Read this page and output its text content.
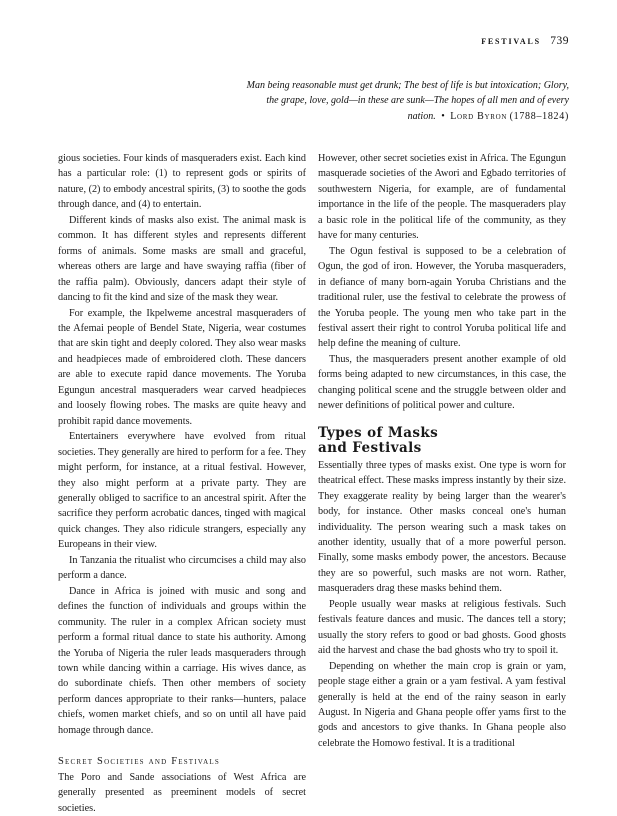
festivals 739
Man being reasonable must get drunk; The best of life is but intoxication; Glory, the grape, love, gold—in these are sunk—The hopes of all men and of every nation. • Lord Byron (1788–1824)

gious societies. Four kinds of masqueraders exist. Each kind has a particular role: (1) to represent gods or spirits of nature, (2) to embody ancestral spirits, (3) to soothe the gods through dance, and (4) to entertain.

Different kinds of masks also exist. The animal mask is common. It has different styles and represents different forms of animals. Some masks are small and graceful, whereas others are large and have swaying raffia (fiber of the raffia palm). Obviously, dancers adapt their style of dancing to fit the kind and size of the mask they wear.

For example, the Ikpelweme ancestral masqueraders of the Afemai people of Bendel State, Nigeria, wear costumes that are skin tight and deeply colored. They also wear masks and headpieces made of embroidered cloth. These dancers are able to execute rapid dance movements. The Yoruba Egungun ancestral masqueraders wear carved headpieces and loosely flowing robes. The masks are quite heavy and prohibit rapid dance movements.

Entertainers everywhere have evolved from ritual societies. They generally are hired to perform for a fee. They might perform, for instance, at a ritual festival. However, they also might perform at a private party. They are generally obliged to sacrifice to an ancestral spirit. After the sacrifice they perform acrobatic dances, tinged with magical quick changes. They also ridicule strangers, especially any Europeans in their view.

In Tanzania the ritualist who circumcises a child may also perform a dance.

Dance in Africa is joined with music and song and defines the function of individuals and groups within the community. The ruler in a complex African society must perform a formal ritual dance to state his authority. Among the Yoruba of Nigeria the ruler leads masqueraders through town while dancing within a carriage. His wives dance, as do subordinate chiefs. Then other members of society perform dances appropriate to their ranks—hunters, palace chiefs, women market chiefs, and so on until all have paid homage through dance.

Secret Societies and Festivals

The Poro and Sande associations of West Africa are generally presented as preeminent models of secret societies.

However, other secret societies exist in Africa. The Egungun masquerade societies of the Awori and Egbado territories of southwestern Nigeria, for example, are of fundamental importance in the life of the people. The masqueraders play a basic role in the political life of the community, as they have for many centuries.

The Ogun festival is supposed to be a celebration of Ogun, the god of iron. However, the Yoruba masqueraders, in defiance of many born-again Yoruba Christians and the traditional ruler, use the festival to celebrate the prowess of the Yoruba people. The young men who take part in the festival assert their right to control Yoruba political life and help define the meaning of culture.

Thus, the masqueraders present another example of old forms being adapted to new circumstances, in this case, the changing political scene and the struggle between older and newer definitions of political power and culture.

Types of Masks
and Festivals

Essentially three types of masks exist. One type is worn for theatrical effect. These masks impress instantly by their size. They exaggerate reality by being larger than the wearer's body, for instance. Other masks conceal one's human individuality. The person wearing such a mask takes on another identity, usually that of a more powerful person. Finally, some masks embody power, the ancestors. Because they are so powerful, such masks are not worn. Rather, masqueraders drag these masks behind them.

People usually wear masks at religious festivals. Such festivals feature dances and music. The dances tell a story; usually the story refers to good or bad ghosts. Good ghosts aid the harvest and chase the bad ghosts who try to spoil it.

Depending on whether the main crop is grain or yam, people stage either a grain or a yam festival. A yam festival generally is held at the end of the rainy season in early August. In Nigeria and Ghana people offer yams first to the gods and ancestors to give thanks. In Ghana people also celebrate the Homowo festival. It is a traditional
